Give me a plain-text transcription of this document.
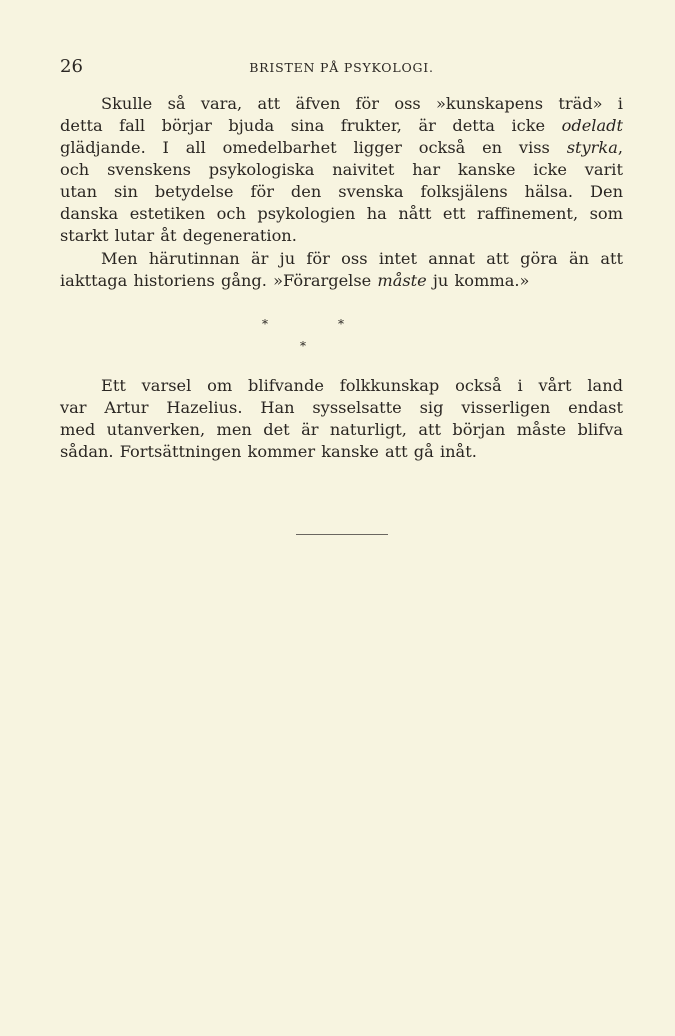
26	BRISTEN PÅ PSYKOLOGI.
Skulle så vara, att äfven för oss »kunskapens träd» i
detta fall börjar bjuda sina frukter, är detta icke odeladt
glädjande. I all omedelbarhet ligger också en viss styrka,
och svenskens psykologiska naivitet har kanske icke varit
utan sin betydelse för den svenska folksjälens hälsa. Den
danska estetiken och psykologien ha nått ett raffinement, som
starkt lutar åt degeneration.
Men härutinnan är ju för oss intet annat att göra än att
iakttaga historiens gång. »Förargelse måste ju komma.»
*	*
*
Ett varsel om blifvande folkkunskap också i vårt land
var Artur Hazelius. Han sysselsatte sig visserligen endast
med utanverken, men det är naturligt, att början måste blifva
sådan. Fortsättningen kommer kanske att gå inåt.
